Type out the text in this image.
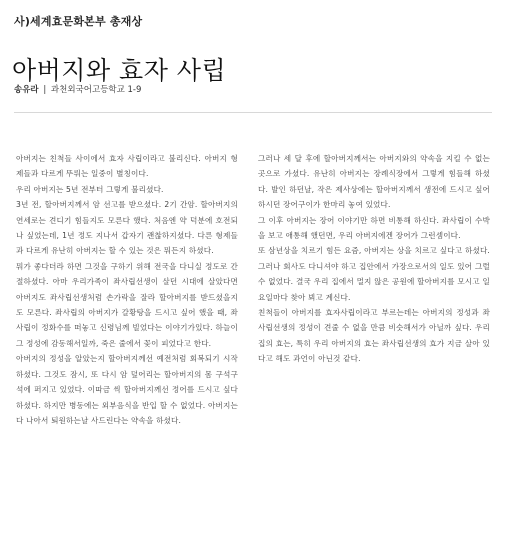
사)세계효문화본부 총재상
아버지와 효자 사립
송유라 | 과천외국어고등학교 1-9

아버지는 친척들 사이에서 효자 사립이라고 불리신다. 아버지 형제들과 다르게 뚜뤄는 일중이 별칭이다.

우리 아버지는 5년 전부터 그렇게 불리셨다.

3년 전, 할아버지께서 암 선고를 받으셨다. 2기 간암. 할아버지의 연세로는 견디기 힘들지도 모른다 했다. 처음엔 약 덕분에 호전되나 싶었는데, 1년 정도 지나서 갑자기 괜찮하지셨다. 다른 형제들과 다르게 유난히 아버지는 할 수 있는 것은 뭐든지 하셨다.

뭐가 좋다더라 하면 그것을 구하기 위해 전국을 다니실 정도로 간절하셨다. 아마 우리가족이 좌사립선생이 살던 시대에 살았다면 아버지도 좌사립선생처럼 손가락을 잘라 할아버지를 받드셨을지도 모른다. 좌사립의 아버지가 갈황탕을 드시고 싶어 했을 때, 좌사립이 정화수를 떠놓고 신령님께 빌었다는 이야기가있다. 하늘이 그 정성에 감동해서일까, 죽은 줄에서 꽃이 피었다고 한다.

아버지의 정성을 알았는지 할아버지께선 예전처럼 회복되기 시작하셨다. 그것도 잠시, 또 다시 암 덮어리는 할아버지의 몸 구석구석에 퍼지고 있었다. 이따금 씩 할아버지께선 정어를 드시고 싶다하셨다. 하지만 병동에는 외부음식을 반입 할 수 없었다. 아버지는 다 나아서 퇴원하는날 사드린다는 약속을 하셨다.

그러나 세 달 후에 할아버지께서는 아버지와의 약속을 지킬 수 없는 곳으로 가셨다. 유난히 아버지는 장례식장에서 그렇게 힘들해 하셨다. 발인 하던날, 작은 제사상에는 할아버지께서 생전에 드시고 싶어 하시던 장어구이가 한마리 놓여 있었다.

그 이후 아버지는 장어 이야기만 하면 비통해 하신다. 좌사립이 수박을 보고 애통해 했던면, 우리 아버지에겐 장어가 그런셈이다.

또 삼년상을 치르기 힘든 요즘, 아버지는 상을 치르고 싶다고 하셨다. 그러나 회사도 다니셔야 하고 집안에서 가장으로서의 일도 있어 그럴 수 없었다. 결국 우리 집에서 멀지 않은 공원에 할아버지를 모시고 일요일마다 찾아 뵈고 계신다.

친척들이 아버지를 효자사립이라고 부르는데는 아버지의 정성과 좌사립선생의 정성이 견줄 수 없을 만큼 비슷해서가 아닐까 싶다. 우리집의 효는, 특히 우리 아버지의 효는 좌사립선생의 효가 지금 살아 있다고 해도 과언이 아닌것 같다.
